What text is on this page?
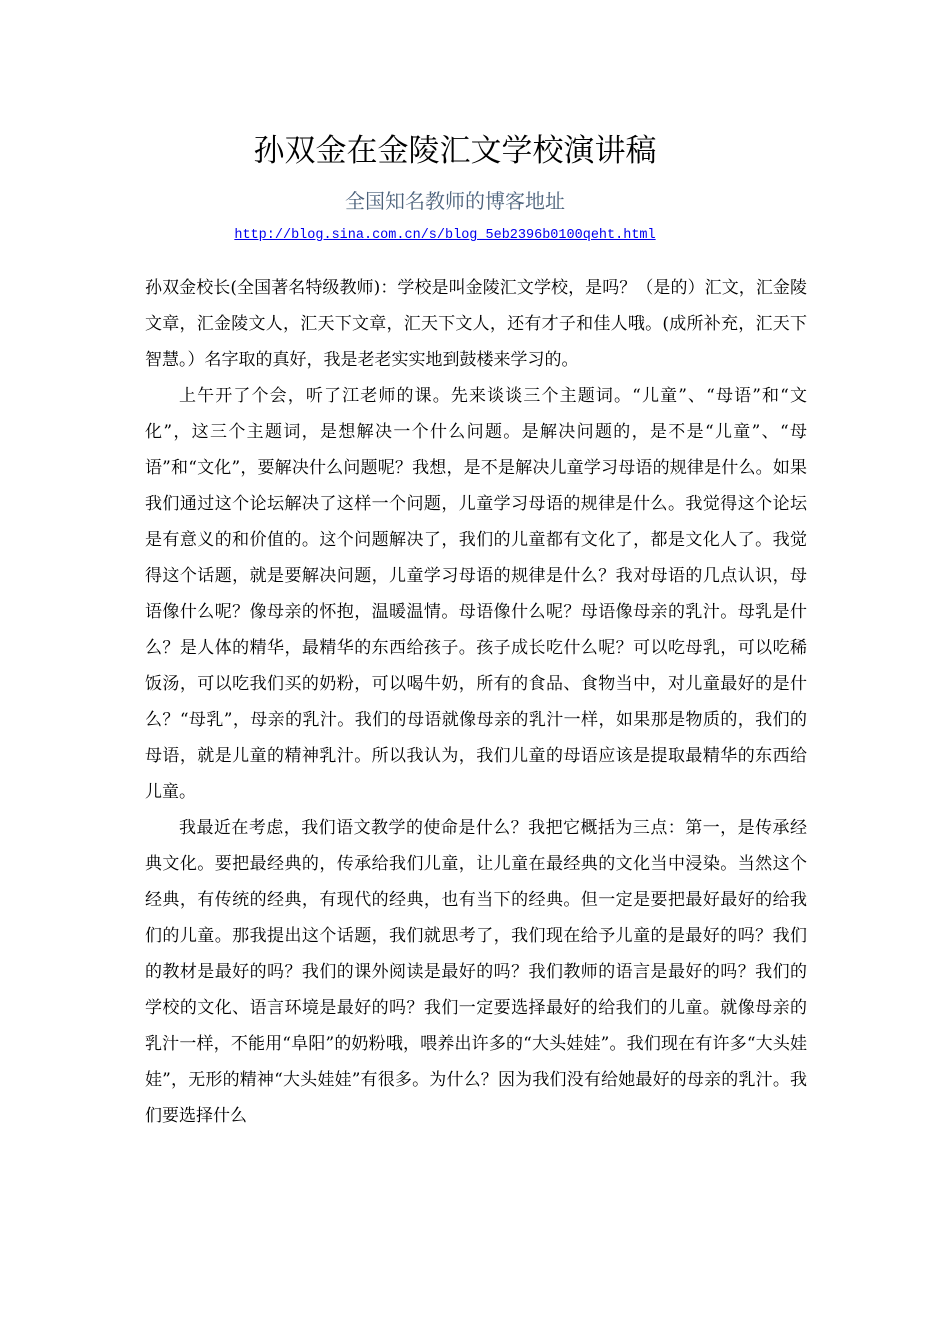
孙双金在金陵汇文学校演讲稿
全国知名教师的博客地址
http://blog.sina.com.cn/s/blog_5eb2396b0100qeht.html

孙双金校长(全国著名特级教师)：学校是叫金陵汇文学校，是吗？（是的）汇文，汇金陵文章，汇金陵文人，汇天下文章，汇天下文人，还有才子和佳人哦。(成所补充，汇天下智慧。）名字取的真好，我是老老实实地到鼓楼来学习的。

上午开了个会，听了江老师的课。先来谈谈三个主题词。“儿童”、“母语”和“文化”，这三个主题词，是想解决一个什么问题。是解决问题的，是不是“儿童”、“母语”和“文化”，要解决什么问题呢？我想，是不是解决儿童学习母语的规律是什么。如果我们通过这个论坛解决了这样一个问题，儿童学习母语的规律是什么。我觉得这个论坛是有意义的和价值的。这个问题解决了，我们的儿童都有文化了，都是文化人了。我觉得这个话题，就是要解决问题，儿童学习母语的规律是什么？我对母语的几点认识，母语像什么呢？像母亲的怀抱，温暖温情。母语像什么呢？母语像母亲的乳汁。母乳是什么？是人体的精华，最精华的东西给孩子。孩子成长吃什么呢？可以吃母乳，可以吃稀饭汤，可以吃我们买的奶粉，可以喝牛奶，所有的食品、食物当中，对儿童最好的是什么？“母乳”，母亲的乳汁。我们的母语就像母亲的乳汁一样，如果那是物质的，我们的母语，就是儿童的精神乳汁。所以我认为，我们儿童的母语应该是提取最精华的东西给儿童。

我最近在考虑，我们语文教学的使命是什么？我把它概括为三点：第一，是传承经典文化。要把最经典的，传承给我们儿童，让儿童在最经典的文化当中浸染。当然这个经典，有传统的经典，有现代的经典，也有当下的经典。但一定是要把最好最好的给我们的儿童。那我提出这个话题，我们就思考了，我们现在给予儿童的是最好的吗？我们的教材是最好的吗？我们的课外阅读是最好的吗？我们教师的语言是最好的吗？我们的学校的文化、语言环境是最好的吗？我们一定要选择最好的给我们的儿童。就像母亲的乳汁一样，不能用“阜阳”的奶粉哦，喂养出许多的“大头娃娃”。我们现在有许多“大头娃娃”，无形的精神“大头娃娃”有很多。为什么？因为我们没有给她最好的母亲的乳汁。我们要选择什么
